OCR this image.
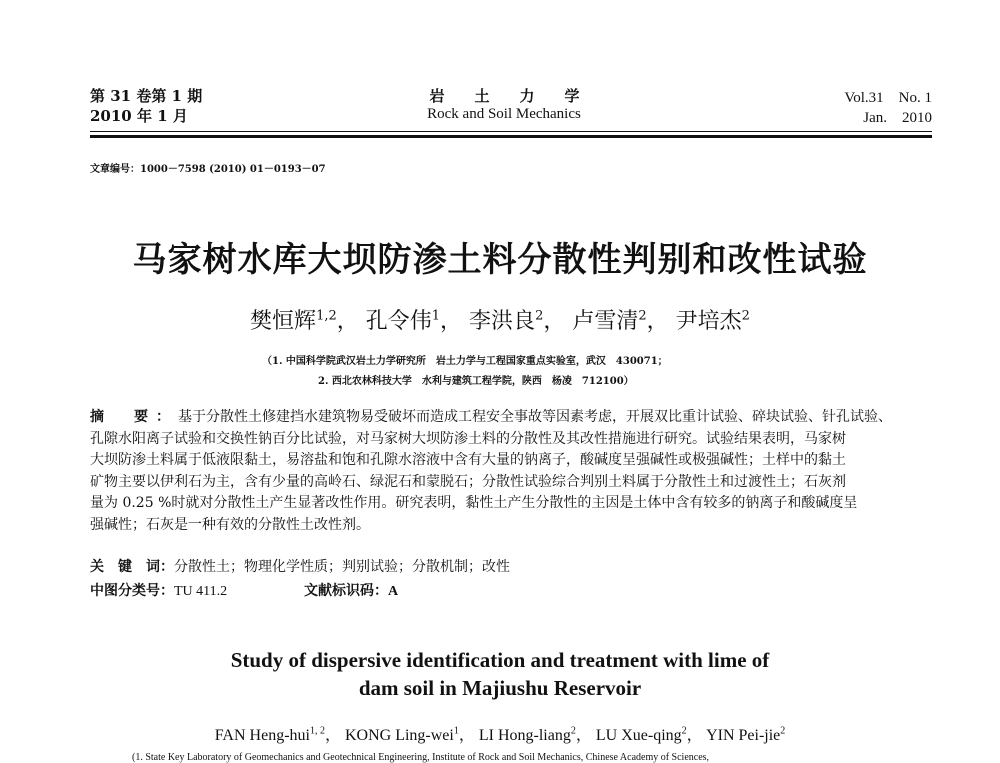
第 31 卷第 1 期
2010 年 1 月
岩　　土　　力　　学
Rock and Soil Mechanics
Vol.31　No. 1
Jan.　2010
文章编号：1000－7598 (2010) 01－0193－07
马家树水库大坝防渗土料分散性判别和改性试验
樊恒辉$^{1,2}$， 孔令伟$^1$， 李洪良$^2$， 卢雪清$^2$， 尹培杰$^2$
（1. 中国科学院武汉岩土力学研究所　岩土力学与工程国家重点实验室，武汉　430071；
2. 西北农林科技大学　水利与建筑工程学院，陕西　杨凌　712100）
摘　要：基于分散性土修建挡水建筑物易受破坏而造成工程安全事故等因素考虑，开展双比重计试验、碎块试验、针孔试验、
孔隙水阳离子试验和交换性钠百分比试验，对马家树大坝防渗土料的分散性及其改性措施进行研究。试验结果表明，马家树
大坝防渗土料属于低液限黏土，易溶盐和饱和孔隙水溶液中含有大量的钠离子，酸碱度呈强碱性或极强碱性；土样中的黏土
矿物主要以伊利石为主，含有少量的高岭石、绿泥石和蒙脱石；分散性试验综合判别土料属于分散性土和过渡性土；石灰剂
量为 0.25 %时就对分散性土产生显著改性作用。研究表明，黏性土产生分散性的主因是土体中含有较多的钠离子和酸碱度呈
强碱性；石灰是一种有效的分散性土改性剂。
关　键　词：分散性土；物理化学性质；判别试验；分散机制；改性
中图分类号：TU 411.2	文献标识码：A
Study of dispersive identification and treatment with lime of
dam soil in Majiushu Reservoir
FAN Heng-hui$^{1, 2}$， KONG Ling-wei$^1$， LI Hong-liang$^2$， LU Xue-qing$^2$， YIN Pei-jie$^2$
(1. State Key Laboratory of Geomechanics and Geotechnical Engineering, Institute of Rock and Soil Mechanics, Chinese Academy of Sciences,
